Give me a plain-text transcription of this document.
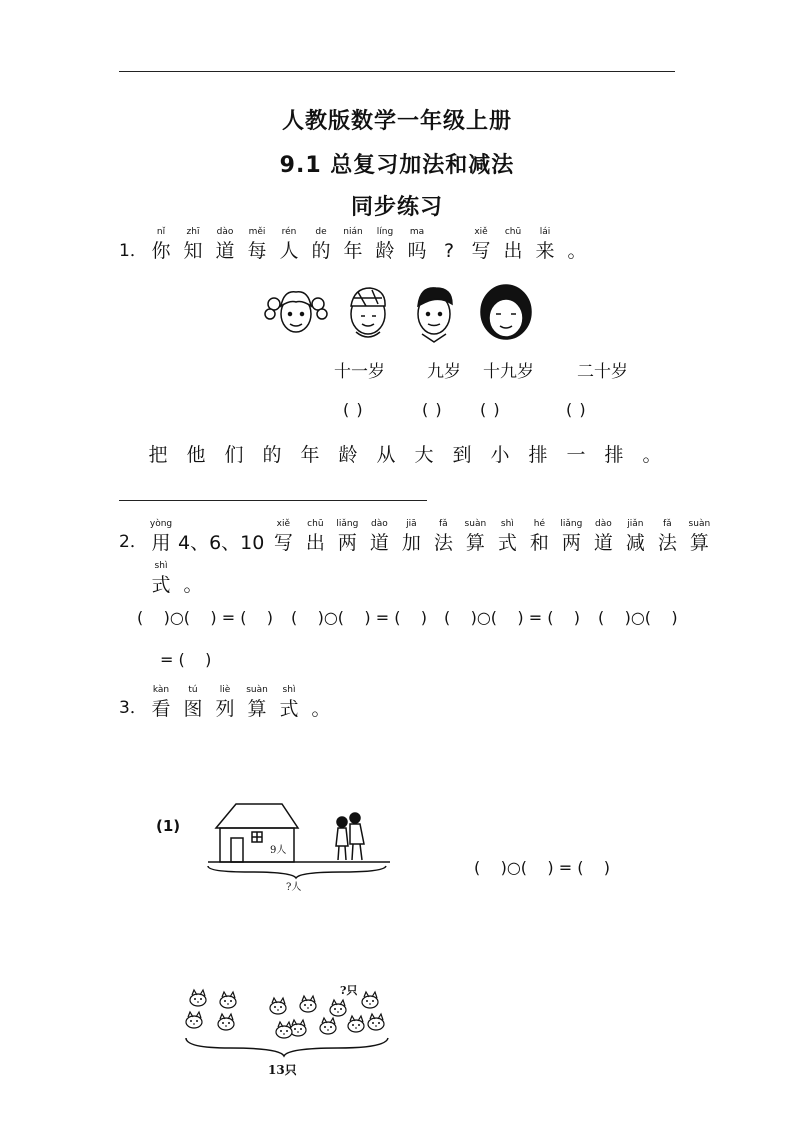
人教版数学一年级上册
9.1 总复习加法和减法
同步练习
1．
nǐ
你
zhī
知
dào
道
měi
每
rén
人
de
的
nián
年
líng
龄
ma
吗 ?
xiě
写
chū
出
lái
来 。
十一岁 九岁 十九岁	二十岁
( )	( ) ( )	( )
把 他 们 的 年 龄 从 大 到 小 排 一 排 。
2．
yòng
用 4、6、10
xiě
写
chū
出
liǎng
两
dào
道
jiā
加
fǎ
法
suàn
算
shì
式
hé
和
liǎng
两
dào
道
jiǎn
减
fǎ
法
suàn
算
shì
式 。
(    )○(    ) = (    ) (    )○(    ) = (    ) (    )○(    ) = (    ) (    )○(    )
= (    )
3．
kàn
看
tú
图
liè
列
suàn
算
shì
式 。
(1)
9人
?人
(    )○(    ) = (    )
?只
13只
